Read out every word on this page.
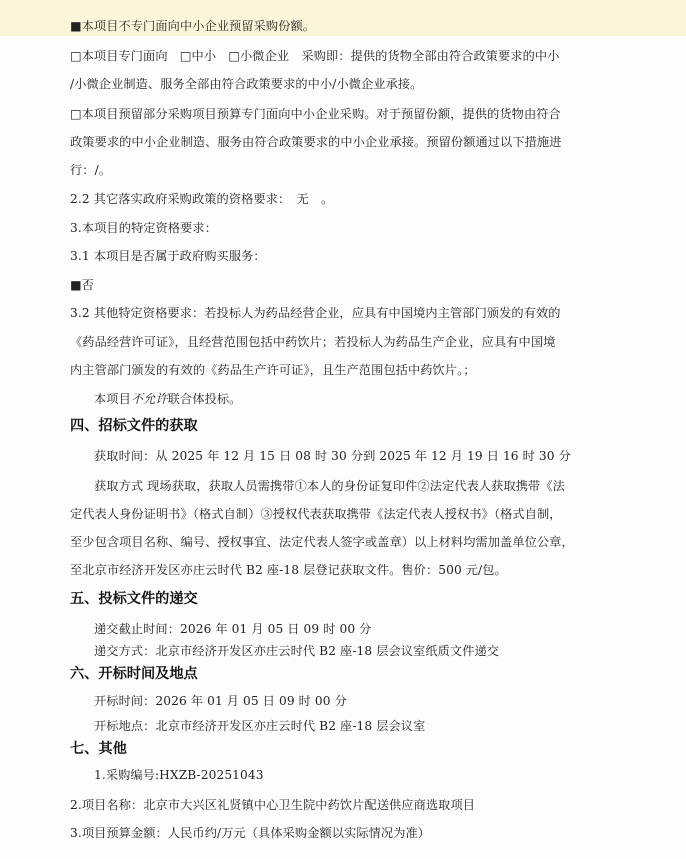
■本项目不专门面向中小企业预留采购份额。
□本项目专门面向　□中小　□小微企业　采购即：提供的货物全部由符合政策要求的中小
/小微企业制造、服务全部由符合政策要求的中小/小微企业承接。
□本项目预留部分采购项目预算专门面向中小企业采购。对于预留份额，提供的货物由符合
政策要求的中小企业制造、服务由符合政策要求的中小企业承接。预留份额通过以下措施进
行：/。
2.2 其它落实政府采购政策的资格要求：　无　。
3.本项目的特定资格要求：
3.1 本项目是否属于政府购买服务：
■否
3.2 其他特定资格要求：若投标人为药品经营企业，应具有中国境内主管部门颁发的有效的
《药品经营许可证》，且经营范围包括中药饮片；若投标人为药品生产企业，应具有中国境
内主管部门颁发的有效的《药品生产许可证》，且生产范围包括中药饮片。；
本项目不允许联合体投标。
四、招标文件的获取
获取时间：从 2025 年 12 月 15 日 08 时 30 分到 2025 年 12 月 19 日 16 时 30 分
获取方式 现场获取，获取人员需携带①本人的身份证复印件②法定代表人获取携带《法
定代表人身份证明书》（格式自制）③授权代表获取携带《法定代表人授权书》（格式自制，
至少包含项目名称、编号、授权事宜、法定代表人签字或盖章）以上材料均需加盖单位公章，
至北京市经济开发区亦庄云时代 B2 座-18 层登记获取文件。售价：500 元/包。
五、投标文件的递交
递交截止时间：2026 年 01 月 05 日 09 时 00 分
递交方式：北京市经济开发区亦庄云时代 B2 座-18 层会议室纸质文件递交
六、开标时间及地点
开标时间：2026 年 01 月 05 日 09 时 00 分
开标地点：北京市经济开发区亦庄云时代 B2 座-18 层会议室
七、其他
1.采购编号:HXZB-20251043
2.项目名称：北京市大兴区礼贤镇中心卫生院中药饮片配送供应商选取项目
3.项目预算金额：人民币约/万元（具体采购金额以实际情况为准）
